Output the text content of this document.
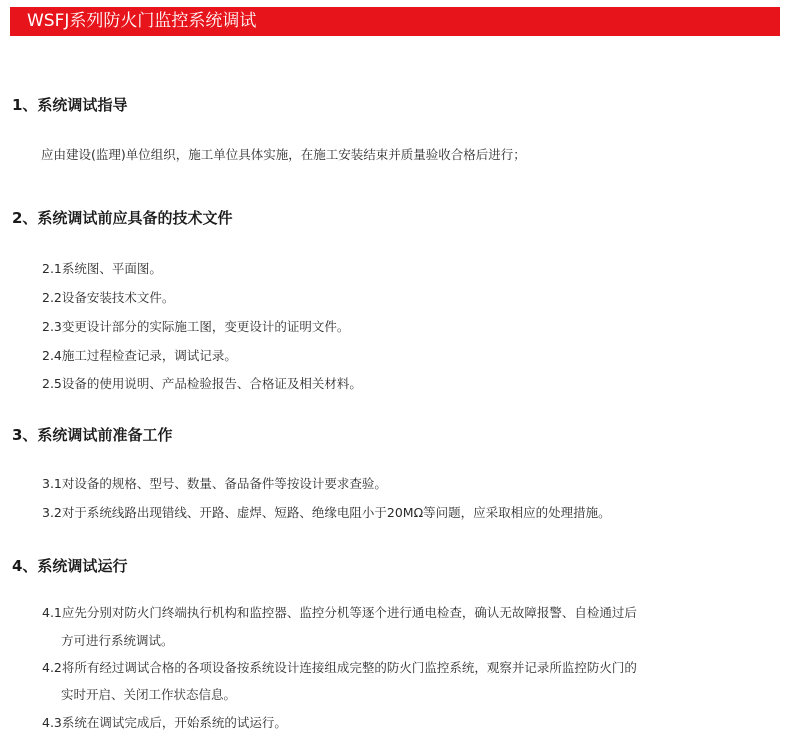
WSFJ系列防火门监控系统调试
1、系统调试指导
应由建设(监理)单位组织，施工单位具体实施，在施工安装结束并质量验收合格后进行；
2、系统调试前应具备的技术文件
2.1系统图、平面图。
2.2设备安装技术文件。
2.3变更设计部分的实际施工图，变更设计的证明文件。
2.4施工过程检查记录，调试记录。
2.5设备的使用说明、产品检验报告、合格证及相关材料。
3、系统调试前准备工作
3.1对设备的规格、型号、数量、备品备件等按设计要求查验。
3.2对于系统线路出现错线、开路、虚焊、短路、绝缘电阻小于20MΩ等问题，应采取相应的处理措施。
4、系统调试运行
4.1应先分别对防火门终端执行机构和监控器、监控分机等逐个进行通电检查，确认无故障报警、自检通过后
方可进行系统调试。
4.2将所有经过调试合格的各项设备按系统设计连接组成完整的防火门监控系统，观察并记录所监控防火门的
实时开启、关闭工作状态信息。
4.3系统在调试完成后，开始系统的试运行。
